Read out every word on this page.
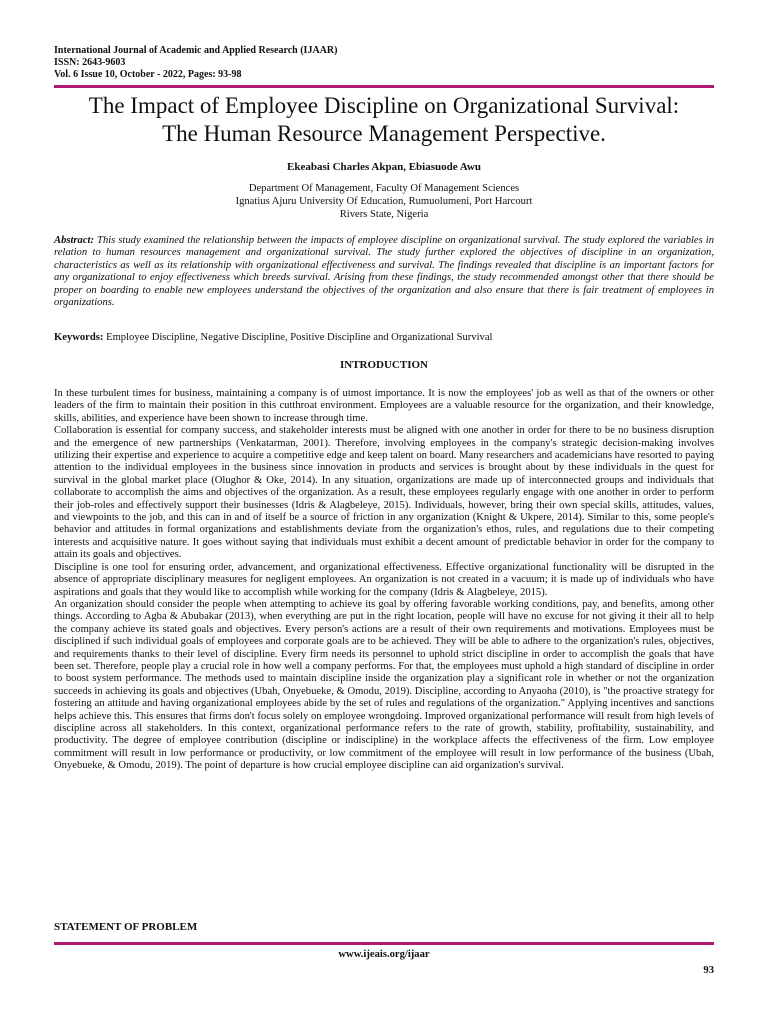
International Journal of Academic and Applied Research (IJAAR)
ISSN: 2643-9603
Vol. 6 Issue 10, October - 2022, Pages: 93-98
The Impact of Employee Discipline on Organizational Survival:
The Human Resource Management Perspective.
Ekeabasi Charles Akpan, Ebiasuode Awu
Department Of Management, Faculty Of Management Sciences
Ignatius Ajuru University Of Education, Rumuolumeni, Port Harcourt
Rivers State, Nigeria
Abstract: This study examined the relationship between the impacts of employee discipline on organizational survival. The study explored the variables in relation to human resources management and organizational survival. The study further explored the objectives of discipline in an organization, characteristics as well as its relationship with organizational effectiveness and survival. The findings revealed that discipline is an important factors for any organizational to enjoy effectiveness which breeds survival. Arising from these findings, the study recommended amongst other that there should be proper on boarding to enable new employees understand the objectives of the organization and also ensure that there is fair treatment of employees in organizations.
Keywords: Employee Discipline, Negative Discipline, Positive Discipline and Organizational Survival
INTRODUCTION

In these turbulent times for business, maintaining a company is of utmost importance. It is now the employees' job as well as that of the owners or other leaders of the firm to maintain their position in this cutthroat environment. Employees are a valuable resource for the organization, and their knowledge, skills, abilities, and experience have been shown to increase through time.

Collaboration is essential for company success, and stakeholder interests must be aligned with one another in order for there to be no business disruption and the emergence of new partnerships (Venkatarman, 2001). Therefore, involving employees in the company's strategic decision-making involves utilizing their expertise and experience to acquire a competitive edge and keep talent on board. Many researchers and academicians have resorted to paying attention to the individual employees in the business since innovation in products and services is brought about by these individuals in the quest for survival in the global market place (Olughor & Oke, 2014). In any situation, organizations are made up of interconnected groups and individuals that collaborate to accomplish the aims and objectives of the organization. As a result, these employees regularly engage with one another in order to perform their job-roles and effectively support their businesses (Idris & Alagbeleye, 2015). Individuals, however, bring their own special skills, attitudes, values, and viewpoints to the job, and this can in and of itself be a source of friction in any organization (Knight & Ukpere, 2014). Similar to this, some people's behavior and attitudes in formal organizations and establishments deviate from the organization's ethos, rules, and regulations due to their competing interests and acquisitive nature. It goes without saying that individuals must exhibit a decent amount of predictable behavior in order for the company to attain its goals and objectives.

Discipline is one tool for ensuring order, advancement, and organizational effectiveness. Effective organizational functionality will be disrupted in the absence of appropriate disciplinary measures for negligent employees. An organization is not created in a vacuum; it is made up of individuals who have aspirations and goals that they would like to accomplish while working for the company (Idris & Alagbeleye, 2015).

An organization should consider the people when attempting to achieve its goal by offering favorable working conditions, pay, and benefits, among other things. According to Agba & Abubakar (2013), when everything are put in the right location, people will have no excuse for not giving it their all to help the company achieve its stated goals and objectives. Every person's actions are a result of their own requirements and motivations. Employees must be disciplined if such individual goals of employees and corporate goals are to be achieved. They will be able to adhere to the organization's rules, objectives, and requirements thanks to their level of discipline. Every firm needs its personnel to uphold strict discipline in order to accomplish the goals that have been set. Therefore, people play a crucial role in how well a company performs. For that, the employees must uphold a high standard of discipline in order to boost system performance. The methods used to maintain discipline inside the organization play a significant role in whether or not the organization succeeds in achieving its goals and objectives (Ubah, Onyebueke, & Omodu, 2019). Discipline, according to Anyaoha (2010), is "the proactive strategy for fostering an attitude and having organizational employees abide by the set of rules and regulations of the organization." Applying incentives and sanctions helps achieve this. This ensures that firms don't focus solely on employee wrongdoing. Improved organizational performance will result from high levels of discipline across all stakeholders. In this context, organizational performance refers to the rate of growth, stability, profitability, sustainability, and productivity. The degree of employee contribution (discipline or indiscipline) in the workplace affects the effectiveness of the firm. Low employee commitment will result in low performance or productivity, or low commitment of the employee will result in low performance of the business (Ubah, Onyebueke, & Omodu, 2019). The point of departure is how crucial employee discipline can aid organization's survival.

STATEMENT OF PROBLEM
www.ijeais.org/ijaar
93
